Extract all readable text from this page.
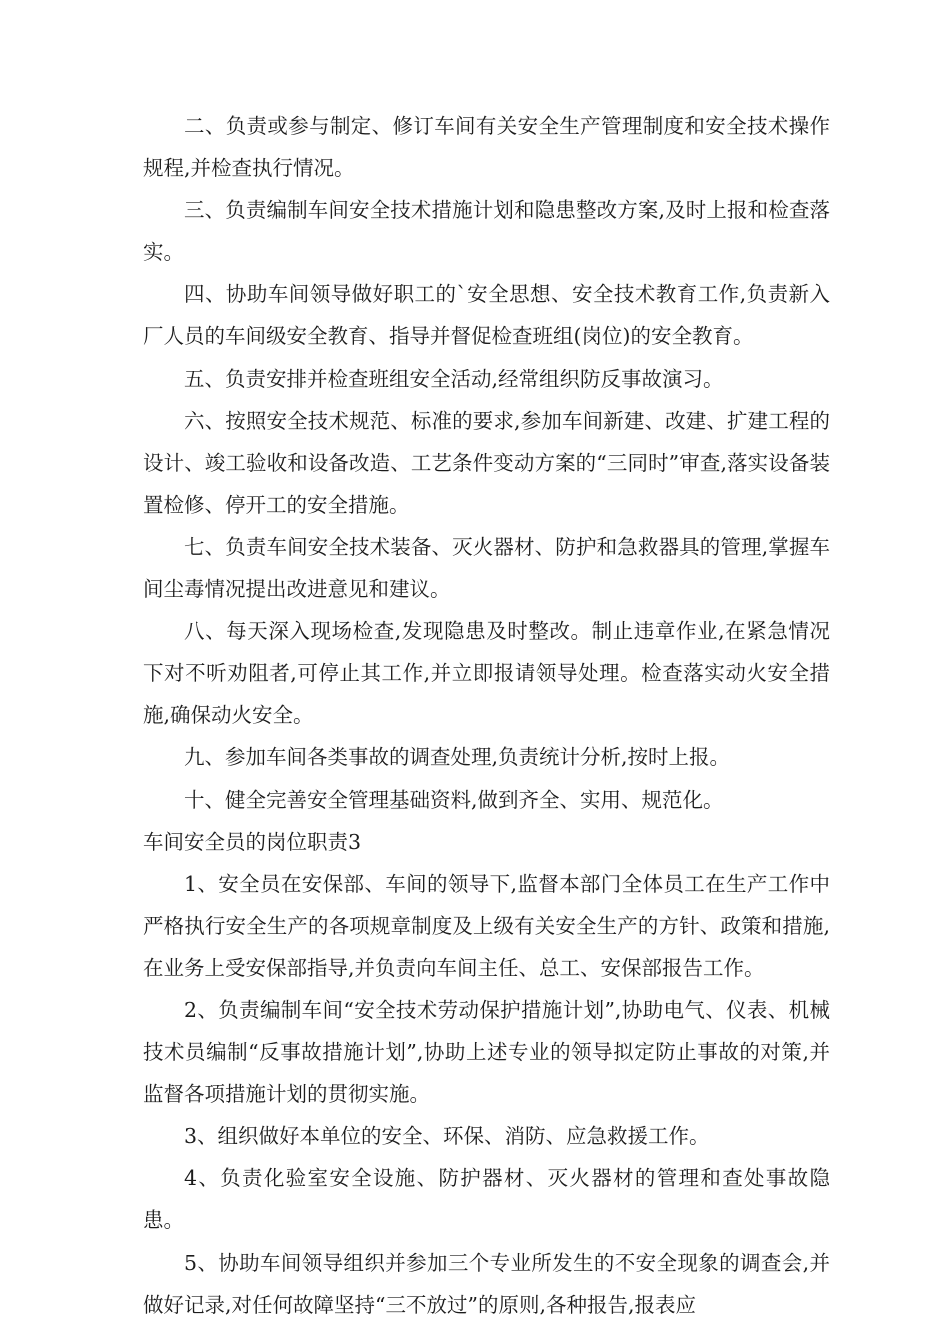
二、负责或参与制定、修订车间有关安全生产管理制度和安全技术操作规程,并检查执行情况。

三、负责编制车间安全技术措施计划和隐患整改方案,及时上报和检查落实。

四、协助车间领导做好职工的`安全思想、安全技术教育工作,负责新入厂人员的车间级安全教育、指导并督促检查班组(岗位)的安全教育。

五、负责安排并检查班组安全活动,经常组织防反事故演习。

六、按照安全技术规范、标准的要求,参加车间新建、改建、扩建工程的设计、竣工验收和设备改造、工艺条件变动方案的“三同时”审查,落实设备装置检修、停开工的安全措施。

七、负责车间安全技术装备、灭火器材、防护和急救器具的管理,掌握车间尘毒情况提出改进意见和建议。

八、每天深入现场检查,发现隐患及时整改。制止违章作业,在紧急情况下对不听劝阻者,可停止其工作,并立即报请领导处理。检查落实动火安全措施,确保动火安全。

九、参加车间各类事故的调查处理,负责统计分析,按时上报。

十、健全完善安全管理基础资料,做到齐全、实用、规范化。

车间安全员的岗位职责3

1、安全员在安保部、车间的领导下,监督本部门全体员工在生产工作中严格执行安全生产的各项规章制度及上级有关安全生产的方针、政策和措施,在业务上受安保部指导,并负责向车间主任、总工、安保部报告工作。

2、负责编制车间“安全技术劳动保护措施计划”,协助电气、仪表、机械技术员编制“反事故措施计划”,协助上述专业的领导拟定防止事故的对策,并监督各项措施计划的贯彻实施。

3、组织做好本单位的安全、环保、消防、应急救援工作。

4、负责化验室安全设施、防护器材、灭火器材的管理和查处事故隐患。

5、协助车间领导组织并参加三个专业所发生的不安全现象的调查会,并做好记录,对任何故障坚持“三不放过”的原则,各种报告,报表应
